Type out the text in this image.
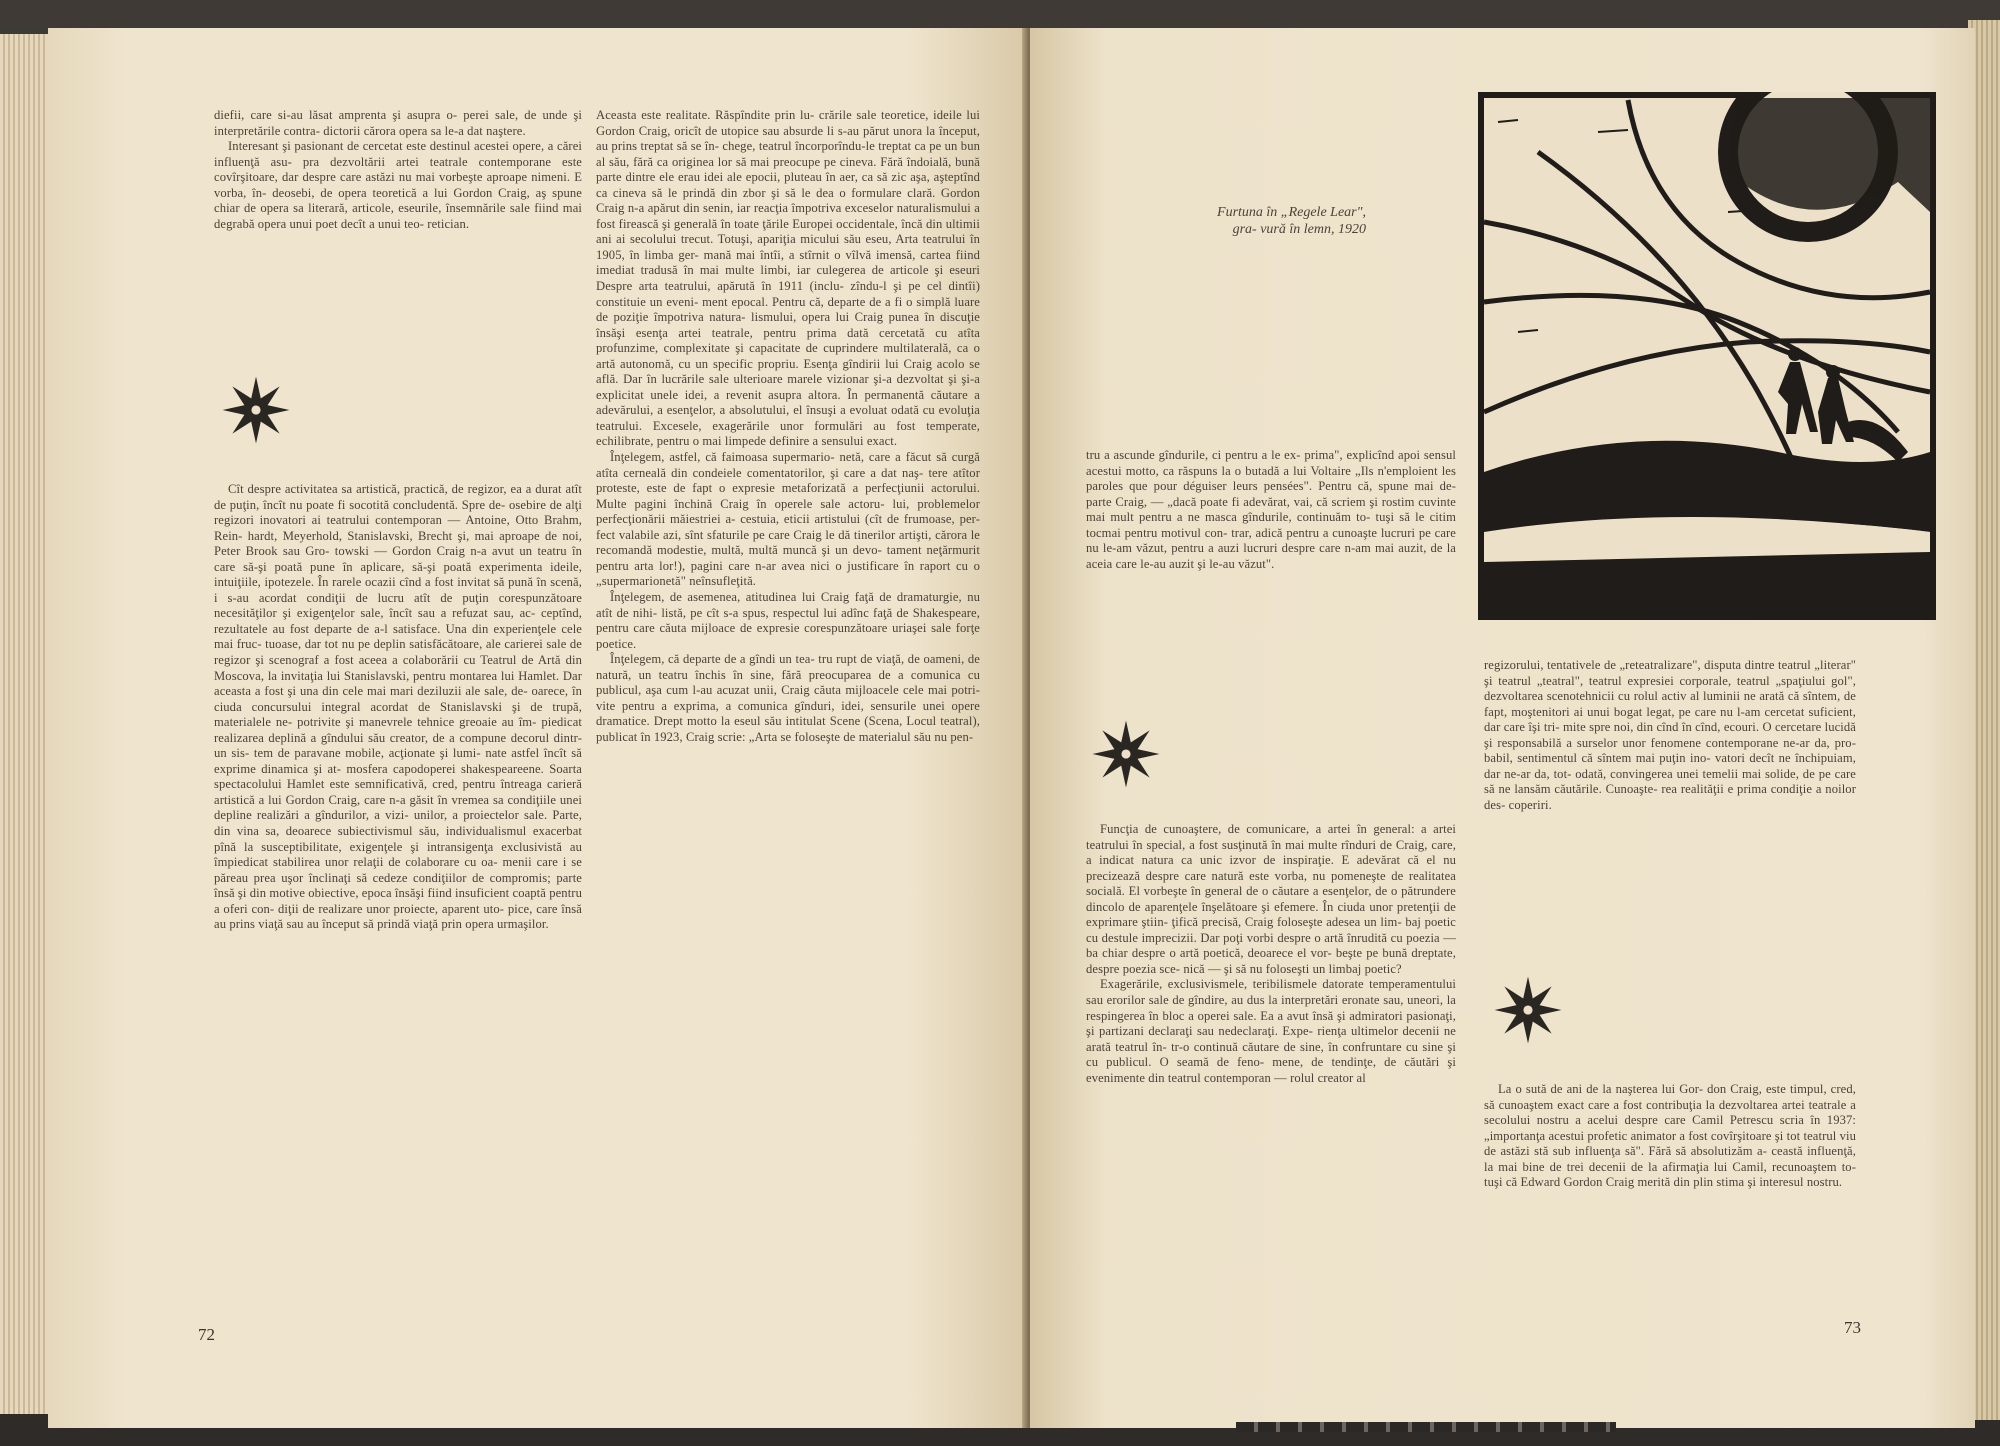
diefii, care si-au lăsat amprenta şi asupra o- perei sale, de unde şi interpretările contra- dictorii cărora opera sa le-a dat naştere.

Interesant şi pasionant de cercetat este destinul acestei opere, a cărei influenţă asu- pra dezvoltării artei teatrale contemporane este covîrşitoare, dar despre care astăzi nu mai vorbeşte aproape nimeni. E vorba, în- deosebi, de opera teoretică a lui Gordon Craig, aş spune chiar de opera sa literară, articole, eseurile, însemnările sale fiind mai degrabă opera unui poet decît a unui teo- retician.

Cît despre activitatea sa artistică, practică, de regizor, ea a durat atît de puţin, încît nu poate fi socotită concludentă. Spre de- osebire de alţi regizori inovatori ai teatrului contemporan — Antoine, Otto Brahm, Rein- hardt, Meyerhold, Stanislavski, Brecht şi, mai aproape de noi, Peter Brook sau Gro- towski — Gordon Craig n-a avut un teatru în care să-şi poată pune în aplicare, să-şi poată experimenta ideile, intuiţiile, ipotezele. În rarele ocazii cînd a fost invitat să pună în scenă, i s-au acordat condiţii de lucru atît de puţin corespunzătoare necesităţilor şi exigenţelor sale, încît sau a refuzat sau, ac- ceptînd, rezultatele au fost departe de a-l satisface. Una din experienţele cele mai fruc- tuoase, dar tot nu pe deplin satisfăcătoare, ale carierei sale de regizor şi scenograf a fost aceea a colaborării cu Teatrul de Artă din Moscova, la invitaţia lui Stanislavski, pentru montarea lui Hamlet. Dar aceasta a fost şi una din cele mai mari deziluzii ale sale, de- oarece, în ciuda concursului integral acordat de Stanislavski şi de trupă, materialele ne- potrivite şi manevrele tehnice greoaie au îm- piedicat realizarea deplină a gîndului său creator, de a compune decorul dintr-un sis- tem de paravane mobile, acţionate şi lumi- nate astfel încît să exprime dinamica şi at- mosfera capodoperei shakespeareene. Soarta spectacolului Hamlet este semnificativă, cred, pentru întreaga carieră artistică a lui Gordon Craig, care n-a găsit în vremea sa condiţiile unei depline realizări a gîndurilor, a vizi- unilor, a proiectelor sale. Parte, din vina sa, deoarece subiectivismul său, individualismul exacerbat pînă la susceptibilitate, exigenţele şi intransigenţa exclusivistă au împiedicat stabilirea unor relaţii de colaborare cu oa- menii care i se păreau prea uşor înclinaţi să cedeze condiţiilor de compromis; parte însă şi din motive obiective, epoca însăşi fiind insuficient coaptă pentru a oferi con- diţii de realizare unor proiecte, aparent uto- pice, care însă au prins viaţă sau au început să prindă viaţă prin opera urmaşilor.

Aceasta este realitate. Răspîndite prin lu- crările sale teoretice, ideile lui Gordon Craig, oricît de utopice sau absurde li s-au părut unora la început, au prins treptat să se în- chege, teatrul încorporîndu-le treptat ca pe un bun al său, fără ca originea lor să mai preocupe pe cineva. Fără îndoială, bună parte dintre ele erau idei ale epocii, pluteau în aer, ca să zic aşa, aşteptînd ca cineva să le prindă din zbor şi să le dea o formulare clară. Gordon Craig n-a apărut din senin, iar reacţia împotriva exceselor naturalismului a fost firească şi generală în toate ţările Europei occidentale, încă din ultimii ani ai secolului trecut. Totuşi, apariţia micului său eseu, Arta teatrului în 1905, în limba ger- mană mai întîi, a stîrnit o vîlvă imensă, cartea fiind imediat tradusă în mai multe limbi, iar culegerea de articole şi eseuri Despre arta teatrului, apărută în 1911 (inclu- zîndu-l şi pe cel dintîi) constituie un eveni- ment epocal. Pentru că, departe de a fi o simplă luare de poziţie împotriva natura- lismului, opera lui Craig punea în discuţie însăşi esenţa artei teatrale, pentru prima dată cercetată cu atîta profunzime, complexitate şi capacitate de cuprindere multilaterală, ca o artă autonomă, cu un specific propriu. Esenţa gîndirii lui Craig acolo se află. Dar în lucrările sale ulterioare marele vizionar şi-a dezvoltat şi şi-a explicitat unele idei, a revenit asupra altora. În permanentă căutare a adevărului, a esenţelor, a absolutului, el însuşi a evoluat odată cu evoluţia teatrului. Excesele, exagerările unor formulări au fost temperate, echilibrate, pentru o mai limpede definire a sensului exact.

Înţelegem, astfel, că faimoasa supermario- netă, care a făcut să curgă atîta cerneală din condeiele comentatorilor, şi care a dat naş- tere atîtor proteste, este de fapt o expresie metaforizată a perfecţiunii actorului. Multe pagini închină Craig în operele sale actoru- lui, problemelor perfecţionării măiestriei a- cestuia, eticii artistului (cît de frumoase, per- fect valabile azi, sînt sfaturile pe care Craig le dă tinerilor artişti, cărora le recomandă modestie, multă, multă muncă şi un devo- tament neţărmurit pentru arta lor!), pagini care n-ar avea nici o justificare în raport cu o „supermarionetă" neînsufleţită.

Înţelegem, de asemenea, atitudinea lui Craig faţă de dramaturgie, nu atît de nihi- listă, pe cît s-a spus, respectul lui adînc faţă de Shakespeare, pentru care căuta mijloace de expresie corespunzătoare uriaşei sale forţe poetice.

Înţelegem, că departe de a gîndi un tea- tru rupt de viaţă, de oameni, de natură, un teatru închis în sine, fără preocuparea de a comunica cu publicul, aşa cum l-au acuzat unii, Craig căuta mijloacele cele mai potri- vite pentru a exprima, a comunica gînduri, idei, sensurile unei opere dramatice. Drept motto la eseul său intitulat Scene (Scena, Locul teatral), publicat în 1923, Craig scrie: „Arta se foloseşte de materialul său nu pen-

72
Furtuna în „Regele Lear", gra- vură în lemn, 1920

tru a ascunde gîndurile, ci pentru a le ex- prima", explicînd apoi sensul acestui motto, ca răspuns la o butadă a lui Voltaire „Ils n'emploient les paroles que pour déguiser leurs pensées". Pentru că, spune mai de- parte Craig, — „dacă poate fi adevărat, vai, că scriem şi rostim cuvinte mai mult pentru a ne masca gîndurile, continuăm to- tuşi să le citim tocmai pentru motivul con- trar, adică pentru a cunoaşte lucruri pe care nu le-am văzut, pentru a auzi lucruri despre care n-am mai auzit, de la aceia care le-au auzit şi le-au văzut".

Funcţia de cunoaştere, de comunicare, a artei în general: a artei teatrului în special, a fost susţinută în mai multe rînduri de Craig, care, a indicat natura ca unic izvor de inspiraţie. E adevărat că el nu precizează despre care natură este vorba, nu pomeneşte de realitatea socială. El vorbeşte în general de o căutare a esenţelor, de o pătrundere dincolo de aparenţele înşelătoare şi efemere. În ciuda unor pretenţii de exprimare ştiin- ţifică precisă, Craig foloseşte adesea un lim- baj poetic cu destule imprecizii. Dar poţi vorbi despre o artă înrudită cu poezia — ba chiar despre o artă poetică, deoarece el vor- beşte pe bună dreptate, despre poezia sce- nică — şi să nu foloseşti un limbaj poetic?

Exagerările, exclusivismele, teribilismele datorate temperamentului sau erorilor sale de gîndire, au dus la interpretări eronate sau, uneori, la respingerea în bloc a operei sale. Ea a avut însă şi admiratori pasionaţi, şi partizani declaraţi sau nedeclaraţi. Expe- rienţa ultimelor decenii ne arată teatrul în- tr-o continuă căutare de sine, în confruntare cu sine şi cu publicul. O seamă de feno- mene, de tendinţe, de căutări şi evenimente din teatrul contemporan — rolul creator al

regizorului, tentativele de „reteatralizare", disputa dintre teatrul „literar" şi teatrul „teatral", teatrul expresiei corporale, teatrul „spaţiului gol", dezvoltarea scenotehnicii cu rolul activ al luminii ne arată că sîntem, de fapt, moştenitori ai unui bogat legat, pe care nu l-am cercetat suficient, dar care îşi tri- mite spre noi, din cînd în cînd, ecouri. O cercetare lucidă şi responsabilă a surselor unor fenomene contemporane ne-ar da, pro- babil, sentimentul că sîntem mai puţin ino- vatori decît ne închipuiam, dar ne-ar da, tot- odată, convingerea unei temelii mai solide, de pe care să ne lansăm căutările. Cunoaşte- rea realităţii e prima condiţie a noilor des- coperiri.

La o sută de ani de la naşterea lui Gor- don Craig, este timpul, cred, să cunoaştem exact care a fost contribuţia la dezvoltarea artei teatrale a secolului nostru a acelui despre care Camil Petrescu scria în 1937: „importanţa acestui profetic animator a fost covîrşitoare şi tot teatrul viu de astăzi stă sub influenţa să". Fără să absolutizăm a- ceastă influenţă, la mai bine de trei decenii de la afirmaţia lui Camil, recunoaştem to- tuşi că Edward Gordon Craig merită din plin stima şi interesul nostru.

73
